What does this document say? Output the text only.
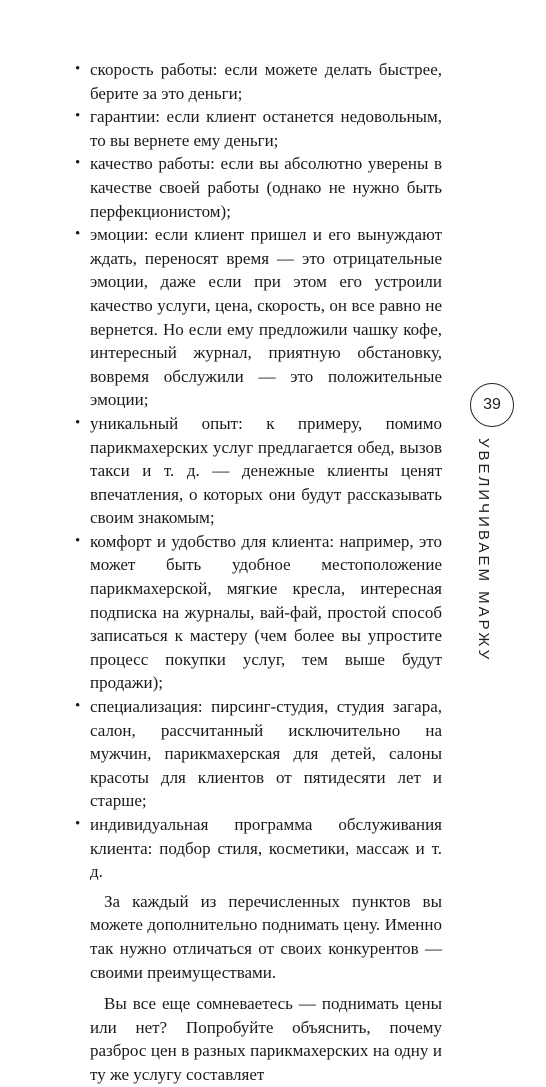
• скорость работы: если можете делать быстрее, берите за это деньги;
• гарантии: если клиент останется недовольным, то вы вернете ему деньги;
• качество работы: если вы абсолютно уверены в качестве своей работы (однако не нужно быть перфекционистом);
• эмоции: если клиент пришел и его вынуждают ждать, переносят время — это отрицательные эмоции, даже если при этом его устроили качество услуги, цена, скорость, он все равно не вернется. Но если ему предложили чашку кофе, интересный журнал, приятную обстановку, вовремя обслужили — это положительные эмоции;
• уникальный опыт: к примеру, помимо парикмахерских услуг предлагается обед, вызов такси и т. д. — денежные клиенты ценят впечатления, о которых они будут рассказывать своим знакомым;
• комфорт и удобство для клиента: например, это может быть удобное местоположение парикмахерской, мягкие кресла, интересная подписка на журналы, вай-фай, простой способ записаться к мастеру (чем более вы упростите процесс покупки услуг, тем выше будут продажи);
• специализация: пирсинг-студия, студия загара, салон, рассчитанный исключительно на мужчин, парикмахерская для детей, салоны красоты для клиентов от пятидесяти лет и старше;
• индивидуальная программа обслуживания клиента: подбор стиля, косметики, массаж и т. д.

За каждый из перечисленных пунктов вы можете дополнительно поднимать цену. Именно так нужно отличаться от своих конкурентов — своими преимуществами.

Вы все еще сомневаетесь — поднимать цены или нет? Попробуйте объяснить, почему разброс цен в разных парикмахерских на одну и ту же услугу составляет

39
УВЕЛИЧИВАЕМ МАРЖУ
